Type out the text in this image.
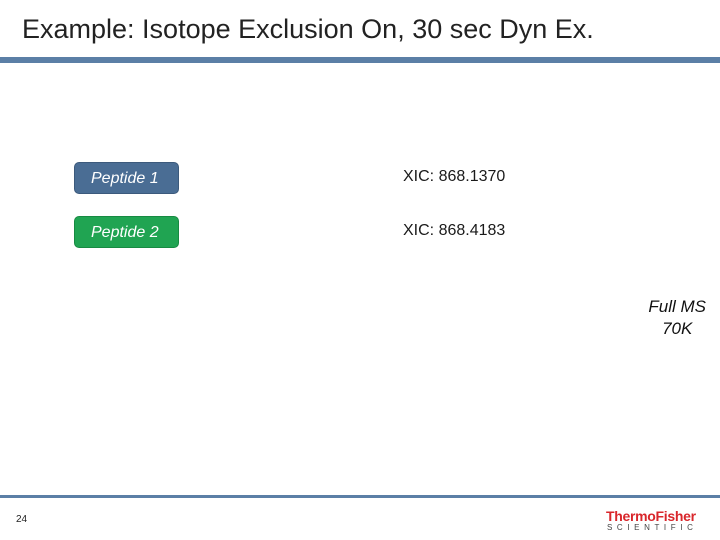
Example: Isotope Exclusion On, 30 sec Dyn Ex.
Peptide 1	XIC: 868.1370
Peptide 2	XIC: 868.4183
Full MS
70K
24	ThermoFisher
SCIENTIFIC
